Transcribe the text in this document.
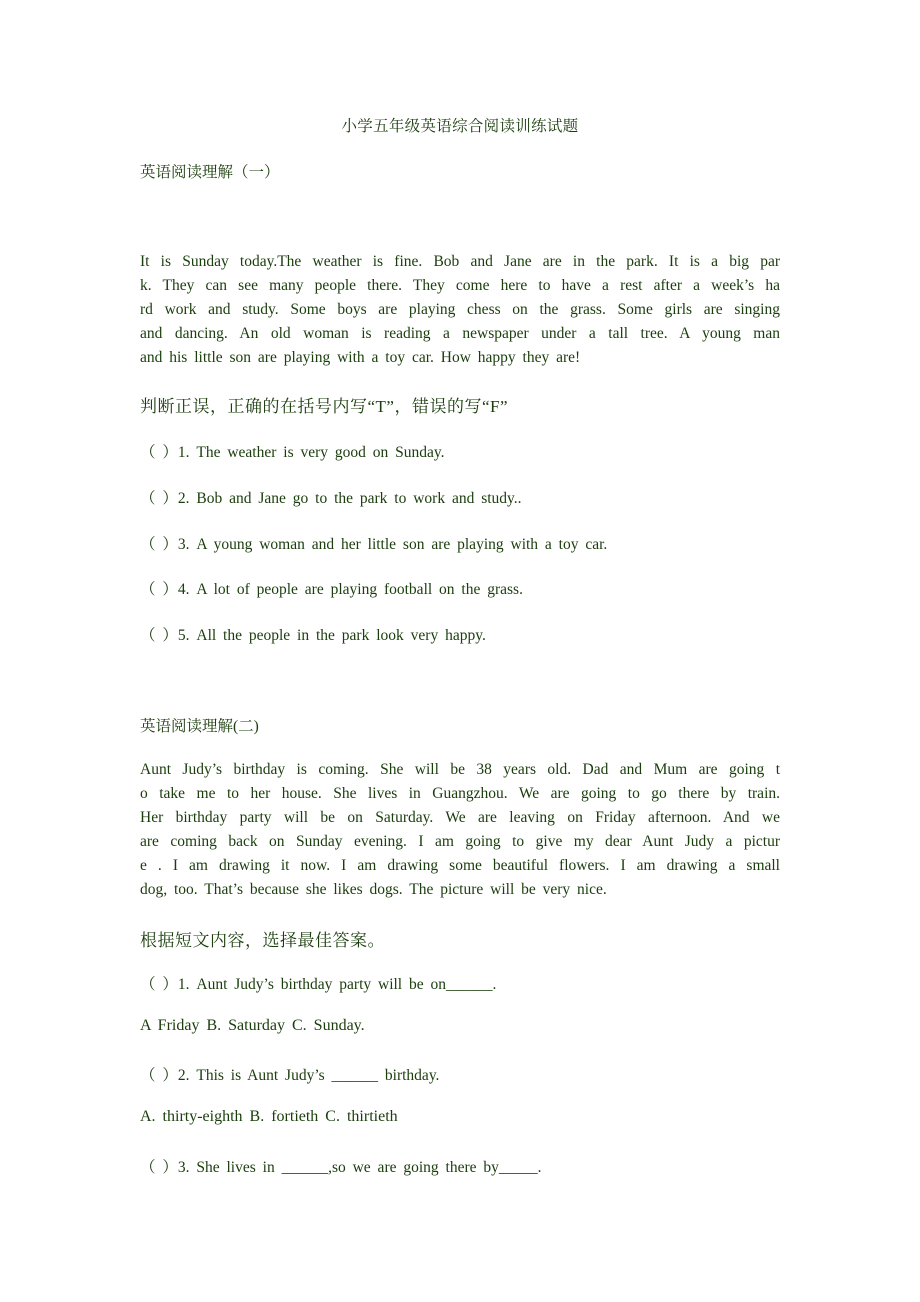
小学五年级英语综合阅读训练试题
英语阅读理解（一）
It is Sunday today.The weather is fine. Bob and Jane are in the park. It is a big par
k. They can see many people there. They come here to have a rest after a week’s ha
rd work and study. Some boys are playing chess on the grass. Some girls are singing
and dancing. An old woman is reading a newspaper under a tall tree. A young man
and his little son are playing with a toy car. How happy they are!
判断正误，正确的在括号内写“T”，错误的写“F”
（ ）1. The weather is very good on Sunday.
（ ）2. Bob and Jane go to the park to work and study..
（ ）3. A young woman and her little son are playing with a toy car.
（ ）4. A lot of people are playing football on the grass.
（ ）5. All the people in the park look very happy.
英语阅读理解(二)
Aunt Judy’s birthday is coming. She will be 38 years old. Dad and Mum are going t
o take me to her house. She lives in Guangzhou. We are going to go there by train.
Her birthday party will be on Saturday. We are leaving on Friday afternoon. And we
are coming back on Sunday evening. I am going to give my dear Aunt Judy a pictur
e . I am drawing it now. I am drawing some beautiful flowers. I am drawing a small
dog, too. That’s because she likes dogs. The picture will be very nice.
根据短文内容，选择最佳答案。
（ ）1. Aunt Judy’s birthday party will be on______.
A Friday B. Saturday C. Sunday.
（ ）2. This is Aunt Judy’s ______ birthday.
A. thirty-eighth B. fortieth C. thirtieth
（ ）3. She lives in ______,so we are going there by_____.
